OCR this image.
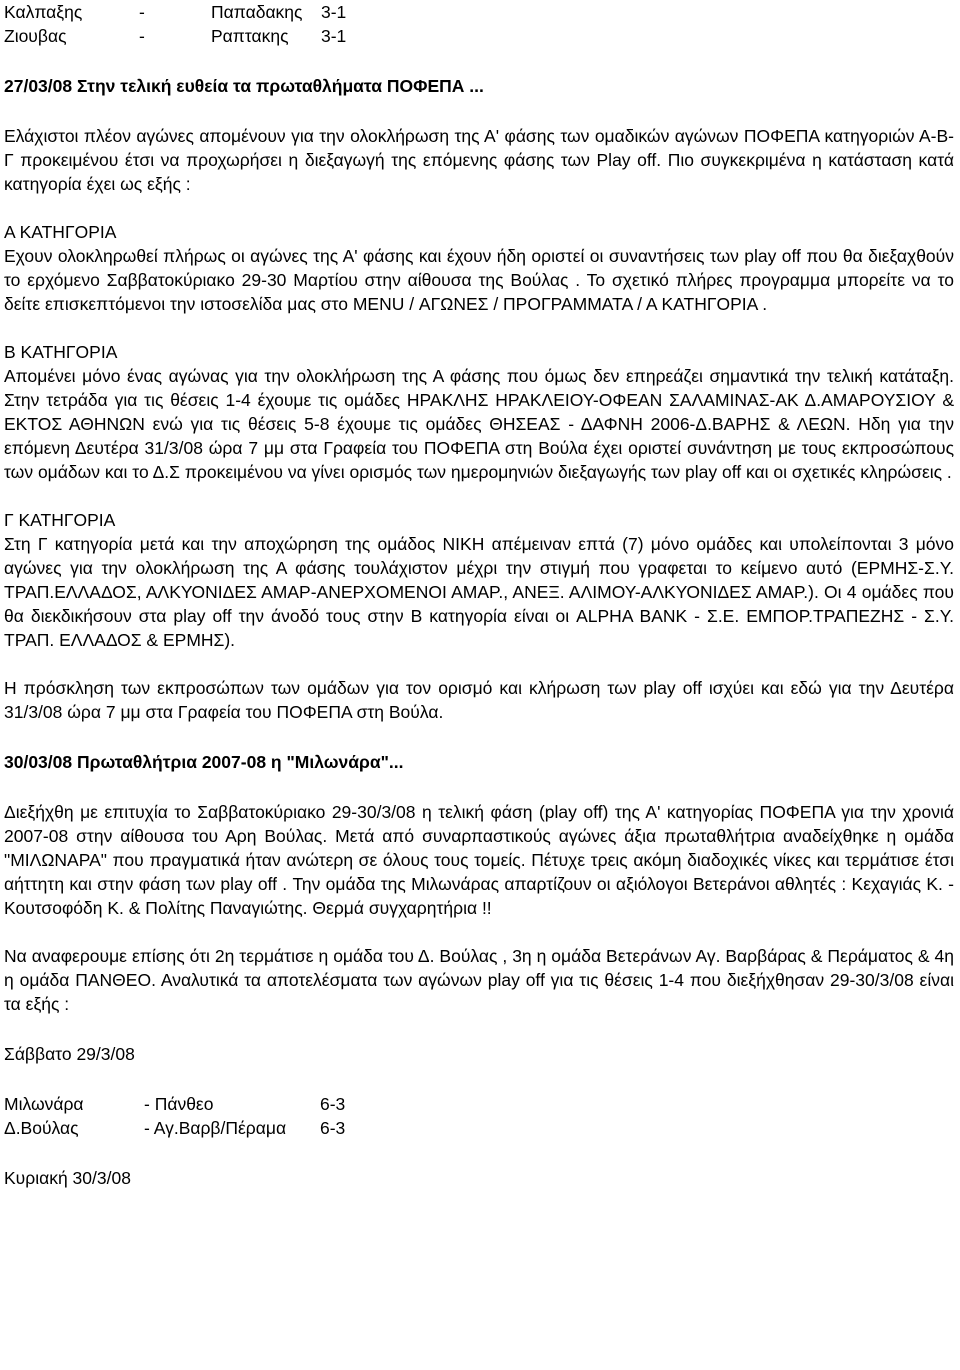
Καλπαξης	-	Παπαδακης	3-1
Ζιουβας	-	Ραπτακης	3-1
27/03/08 Στην τελική ευθεία τα πρωταθλήματα ΠΟΦΕΠΑ ...

Ελάχιστοι πλέον αγώνες απομένουν για την ολοκλήρωση της Α' φάσης των ομαδικών αγώνων ΠΟΦΕΠΑ κατηγοριών Α-Β-Γ προκειμένου έτσι να προχωρήσει η διεξαγωγή της επόμενης φάσης των Play off. Πιο συγκεκριμένα η κατάσταση κατά κατηγορία έχει ως εξής :

Α ΚΑΤΗΓΟΡΙΑ

Εχουν ολοκληρωθεί πλήρως οι αγώνες της Α' φάσης και έχουν ήδη οριστεί οι συναντήσεις των play off που θα διεξαχθούν το ερχόμενο Σαββατοκύριακο 29-30 Μαρτίου στην αίθουσα της Βούλας . Το σχετικό πλήρες προγραμμα μπορείτε να το δείτε επισκεπτόμενοι την ιστοσελίδα μας στο ΜΕΝU / ΑΓΩΝΕΣ / ΠΡΟΓΡΑΜΜΑΤΑ / Α ΚΑΤΗΓΟΡΙΑ .

Β ΚΑΤΗΓΟΡΙΑ

Απομένει μόνο ένας αγώνας για την ολοκλήρωση της Α φάσης που όμως δεν επηρεάζει σημαντικά την τελική κατάταξη. Στην τετράδα για τις θέσεις 1-4 έχουμε τις ομάδες ΗΡΑΚΛΗΣ ΗΡΑΚΛΕΙΟΥ-ΟΦΕΑΝ ΣΑΛΑΜΙΝΑΣ-ΑΚ Δ.ΑΜΑΡΟΥΣΙΟΥ & ΕΚΤΟΣ ΑΘΗΝΩΝ ενώ για τις θέσεις 5-8 έχουμε τις ομάδες ΘΗΣΕΑΣ - ΔΑΦΝΗ 2006-Δ.ΒΑΡΗΣ & ΛΕΩΝ. Ηδη για την επόμενη Δευτέρα 31/3/08 ώρα 7 μμ στα Γραφεία του ΠΟΦΕΠΑ στη Βούλα έχει οριστεί συνάντηση με τους εκπροσώπους των ομάδων και το Δ.Σ προκειμένου να γίνει ορισμός των ημερομηνιών διεξαγωγής των play off και οι σχετικές κληρώσεις .

Γ ΚΑΤΗΓΟΡΙΑ

Στη Γ κατηγορία μετά και την αποχώρηση της ομάδος ΝΙΚΗ απέμειναν επτά (7) μόνο ομάδες και υπολείπονται 3 μόνο αγώνες για την ολοκλήρωση της Α φάσης τουλάχιστον μέχρι την στιγμή που γραφεται το κείμενο αυτό (ΕΡΜΗΣ-Σ.Υ. ΤΡΑΠ.ΕΛΛΑΔΟΣ, ΑΛΚΥΟΝΙΔΕΣ ΑΜΑΡ-ΑΝΕΡΧΟΜΕΝΟΙ ΑΜΑΡ., ΑΝΕΞ. ΑΛΙΜΟΥ-ΑΛΚΥΟΝΙΔΕΣ ΑΜΑΡ.). Οι 4 ομάδες που θα διεκδικήσουν στα play off την άνοδό τους στην Β κατηγορία είναι οι ALPHA BANK - Σ.Ε. ΕΜΠΟΡ.ΤΡΑΠΕΖΗΣ - Σ.Υ. ΤΡΑΠ. ΕΛΛΑΔΟΣ & ΕΡΜΗΣ).

Η πρόσκληση των εκπροσώπων των ομάδων για τον ορισμό και κλήρωση των play off ισχύει και εδώ για την Δευτέρα 31/3/08 ώρα 7 μμ στα Γραφεία του ΠΟΦΕΠΑ στη Βούλα.

30/03/08 Πρωταθλήτρια 2007-08 η "Μιλωνάρα"...

Διεξήχθη με επιτυχία το Σαββατοκύριακο 29-30/3/08 η τελική φάση (play off) της Α' κατηγορίας ΠΟΦΕΠΑ για την χρονιά 2007-08 στην αίθουσα του Αρη Βούλας. Μετά από συναρπαστικούς αγώνες άξια πρωταθλήτρια αναδείχθηκε η ομάδα "ΜΙΛΩΝΑΡΑ" που πραγματικά ήταν ανώτερη σε όλους τους τομείς. Πέτυχε τρεις ακόμη διαδοχικές νίκες και τερμάτισε έτσι αήττητη και στην φάση των play off . Την ομάδα της Μιλωνάρας απαρτίζουν οι αξιόλογοι Βετεράνοι αθλητές : Κεχαγιάς Κ. - Κουτσοφόδη Κ. & Πολίτης Παναγιώτης. Θερμά συγχαρητήρια !!

Να αναφερουμε επίσης ότι 2η τερμάτισε η ομάδα του Δ. Βούλας , 3η η ομάδα Βετεράνων Αγ. Βαρβάρας & Περάματος & 4η η ομάδα ΠΑΝΘΕΟ. Αναλυτικά τα αποτελέσματα των αγώνων play off για τις θέσεις 1-4 που διεξήχθησαν 29-30/3/08 είναι τα εξής :

Σάββατο 29/3/08
Μιλωνάρα	- Πάνθεο	6-3
Δ.Βούλας	- Αγ.Βαρβ/Πέραμα	6-3
Κυριακή 30/3/08
